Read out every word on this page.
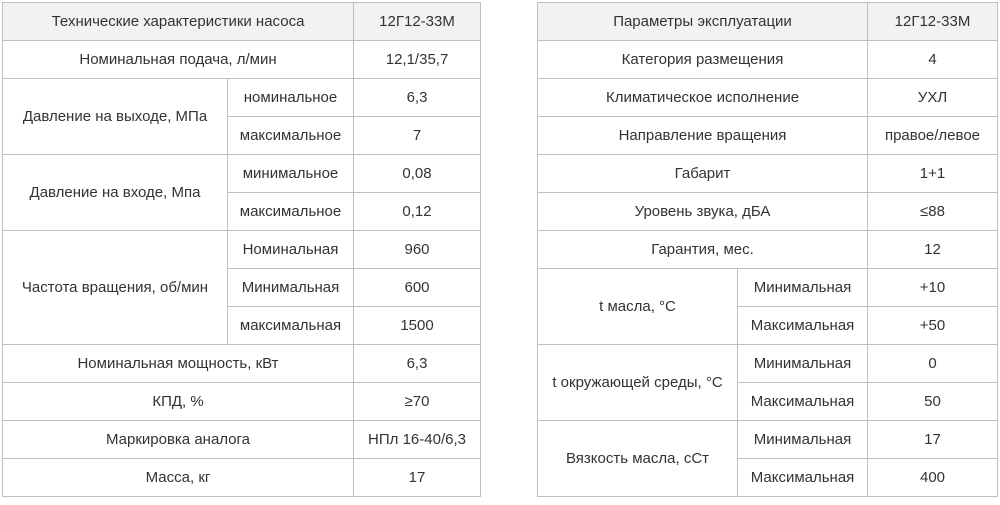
Технические характеристики насоса		12Г12-33М
Номинальная подача, л/мин		12,1/35,7
Давление на выходе, МПа	номинальное	6,3
	максимальное	7
Давление на входе, Мпа	минимальное	0,08
	максимальное	0,12
Частота вращения, об/мин	Номинальная	960
	Минимальная	600
	максимальная	1500
Номинальная мощность, кВт		6,3
КПД, %		≥70
Маркировка аналога		НПл 16-40/6,3
Масса, кг		17
Параметры эксплуатации		12Г12-33М
Категория размещения		4
Климатическое исполнение		УХЛ
Направление вращения		правое/левое
Габарит		1+1
Уровень звука, дБА		≤88
Гарантия, мес.		12
t масла, °С	Минимальная	+10
	Максимальная	+50
t окружающей среды, °С	Минимальная	0
	Максимальная	50
Вязкость масла, сСт	Минимальная	17
	Максимальная	400
